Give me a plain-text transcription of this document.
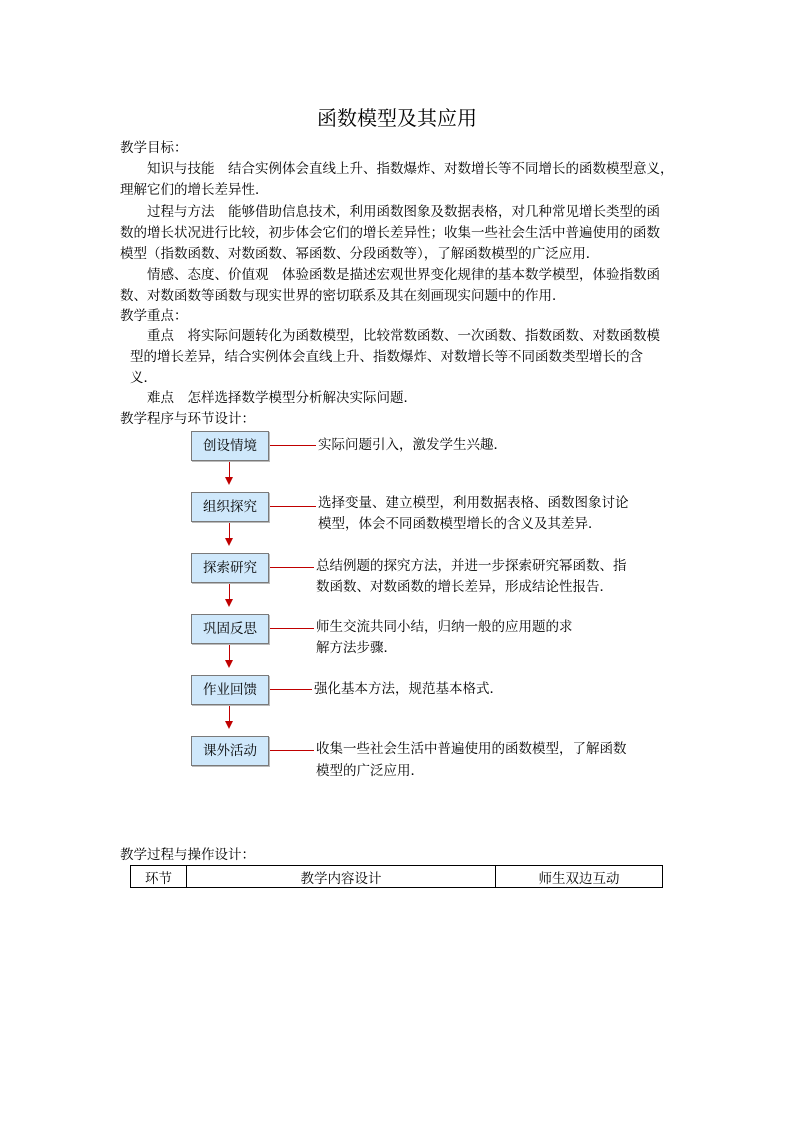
函数模型及其应用
教学目标：
知识与技能　结合实例体会直线上升、指数爆炸、对数增长等不同增长的函数模型意义，
理解它们的增长差异性．
过程与方法　能够借助信息技术，利用函数图象及数据表格，对几种常见增长类型的函
数的增长状况进行比较，初步体会它们的增长差异性；收集一些社会生活中普遍使用的函数
模型（指数函数、对数函数、幂函数、分段函数等），了解函数模型的广泛应用．
情感、态度、价值观　体验函数是描述宏观世界变化规律的基本数学模型，体验指数函
数、对数函数等函数与现实世界的密切联系及其在刻画现实问题中的作用．
教学重点：
重点　将实际问题转化为函数模型，比较常数函数、一次函数、指数函数、对数函数模
型的增长差异，结合实例体会直线上升、指数爆炸、对数增长等不同函数类型增长的含
义．
难点　怎样选择数学模型分析解决实际问题．
教学程序与环节设计：
创设情境	实际问题引入，激发学生兴趣．
组织探究	选择变量、建立模型，利用数据表格、函数图象讨论
模型，体会不同函数模型增长的含义及其差异．
探索研究	总结例题的探究方法，并进一步探索研究幂函数、指
数函数、对数函数的增长差异，形成结论性报告．
巩固反思	师生交流共同小结，归纳一般的应用题的求
解方法步骤．
作业回馈	强化基本方法，规范基本格式．
课外活动	收集一些社会生活中普遍使用的函数模型，了解函数
模型的广泛应用．
教学过程与操作设计：
环节	教学内容设计	师生双边互动
